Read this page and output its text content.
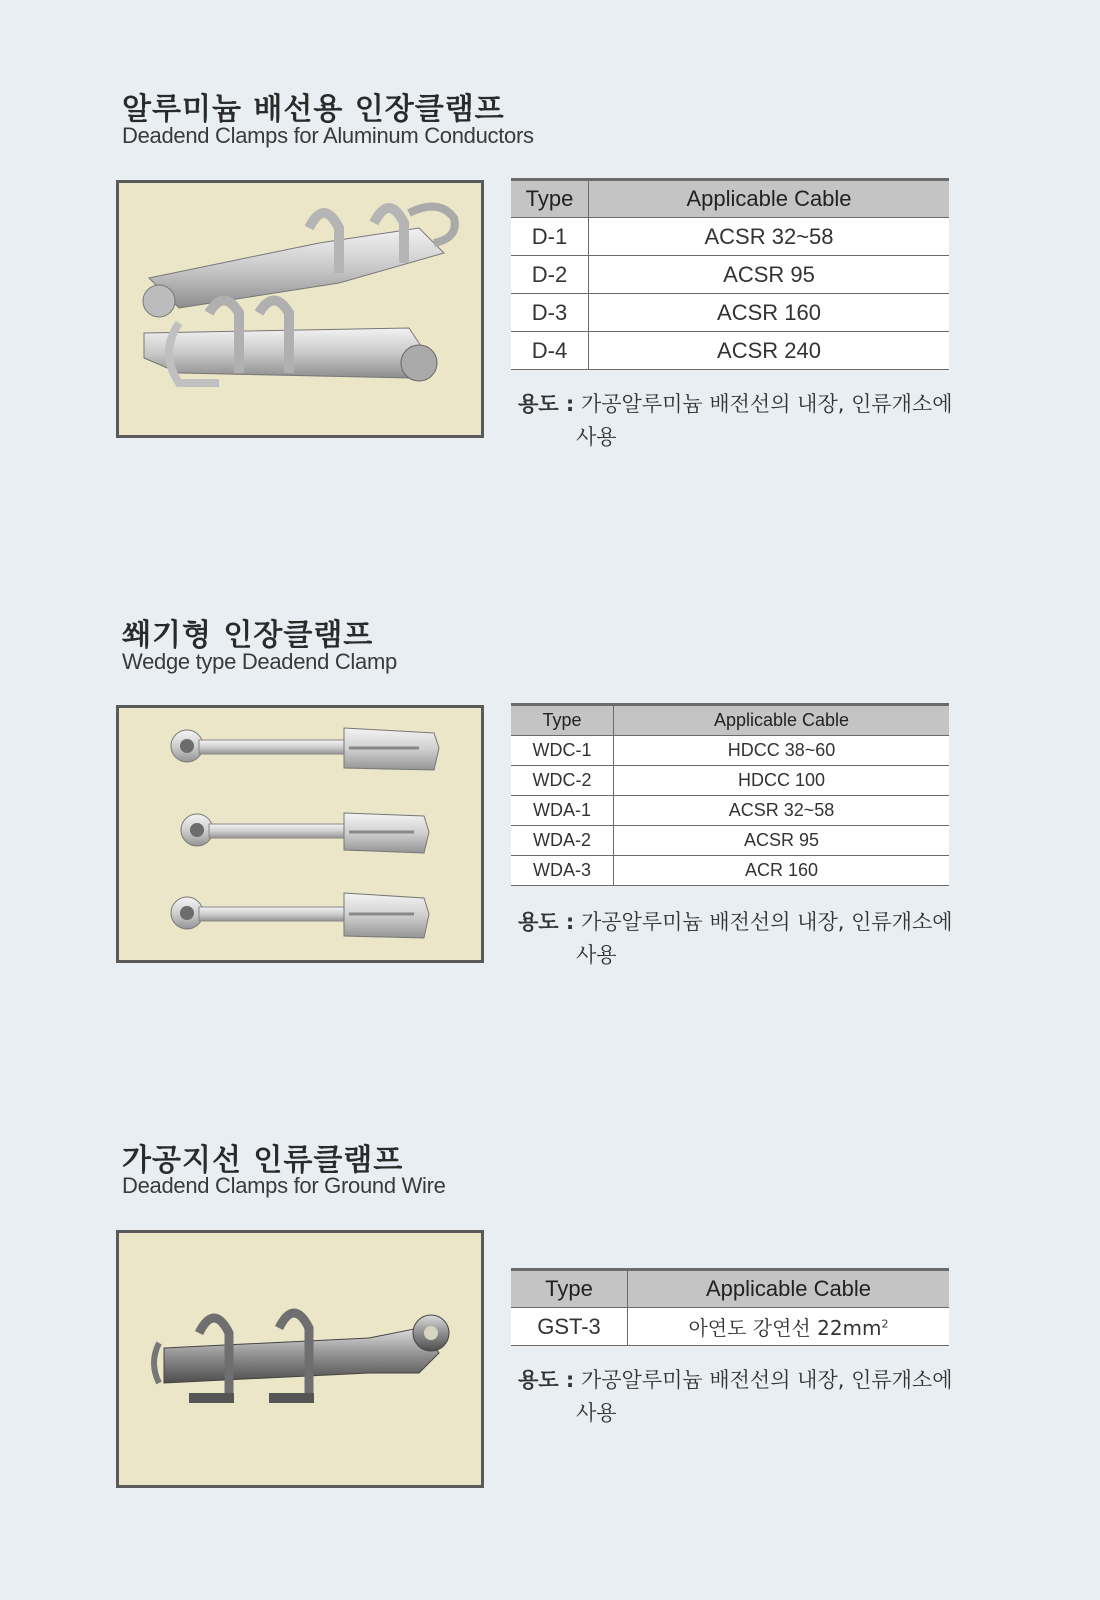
알루미늄 배선용 인장클램프
Deadend Clamps for Aluminum Conductors
Type	Applicable Cable
D-1	ACSR 32~58
D-2	ACSR 95
D-3	ACSR 160
D-4	ACSR 240
용도 : 가공알루미늄 배전선의 내장, 인류개소에
사용
쐐기형 인장클램프
Wedge type Deadend Clamp
Type	Applicable Cable
WDC-1	HDCC 38~60
WDC-2	HDCC 100
WDA-1	ACSR 32~58
WDA-2	ACSR 95
WDA-3	ACR 160
용도 : 가공알루미늄 배전선의 내장, 인류개소에
사용
가공지선 인류클램프
Deadend Clamps for Ground Wire
Type	Applicable Cable
GST-3	아연도 강연선 $22mm^2$
용도 : 가공알루미늄 배전선의 내장, 인류개소에
사용
